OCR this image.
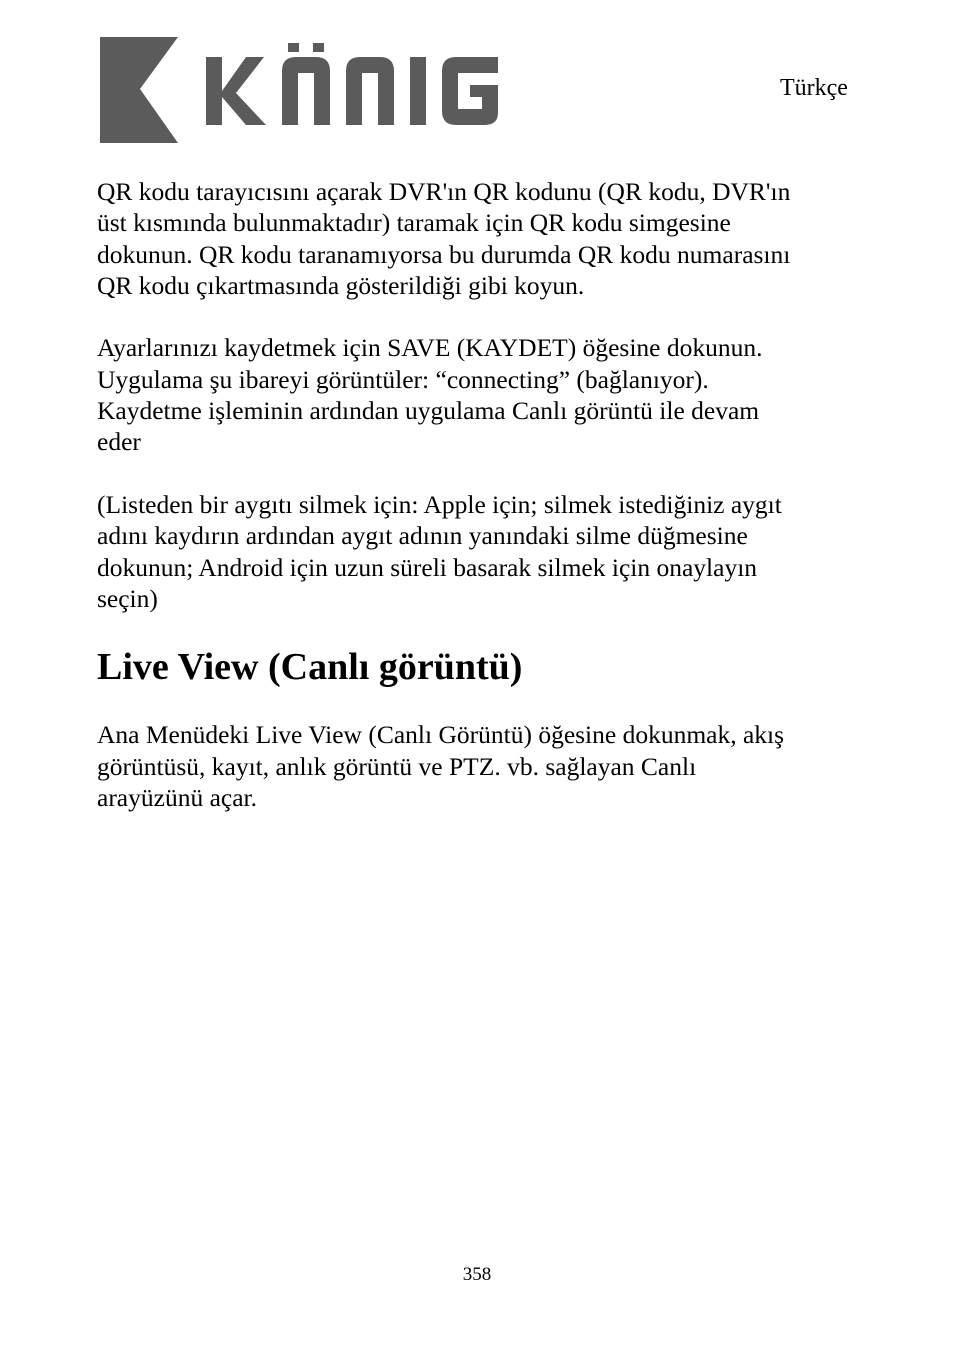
Türkçe

QR kodu tarayıcısını açarak DVR'ın QR kodunu (QR kodu, DVR'ın
üst kısmında bulunmaktadır) taramak için QR kodu simgesine
dokunun. QR kodu taranamıyorsa bu durumda QR kodu numarasını
QR kodu çıkartmasında gösterildiği gibi koyun.

Ayarlarınızı kaydetmek için SAVE (KAYDET) öğesine dokunun.
Uygulama şu ibareyi görüntüler: “connecting” (bağlanıyor).
Kaydetme işleminin ardından uygulama Canlı görüntü ile devam
eder

(Listeden bir aygıtı silmek için: Apple için; silmek istediğiniz aygıt
adını kaydırın ardından aygıt adının yanındaki silme düğmesine
dokunun; Android için uzun süreli basarak silmek için onaylayın
seçin)

Live View (Canlı görüntü)

Ana Menüdeki Live View (Canlı Görüntü) öğesine dokunmak, akış
görüntüsü, kayıt, anlık görüntü ve PTZ. vb. sağlayan Canlı
arayüzünü açar.

358
